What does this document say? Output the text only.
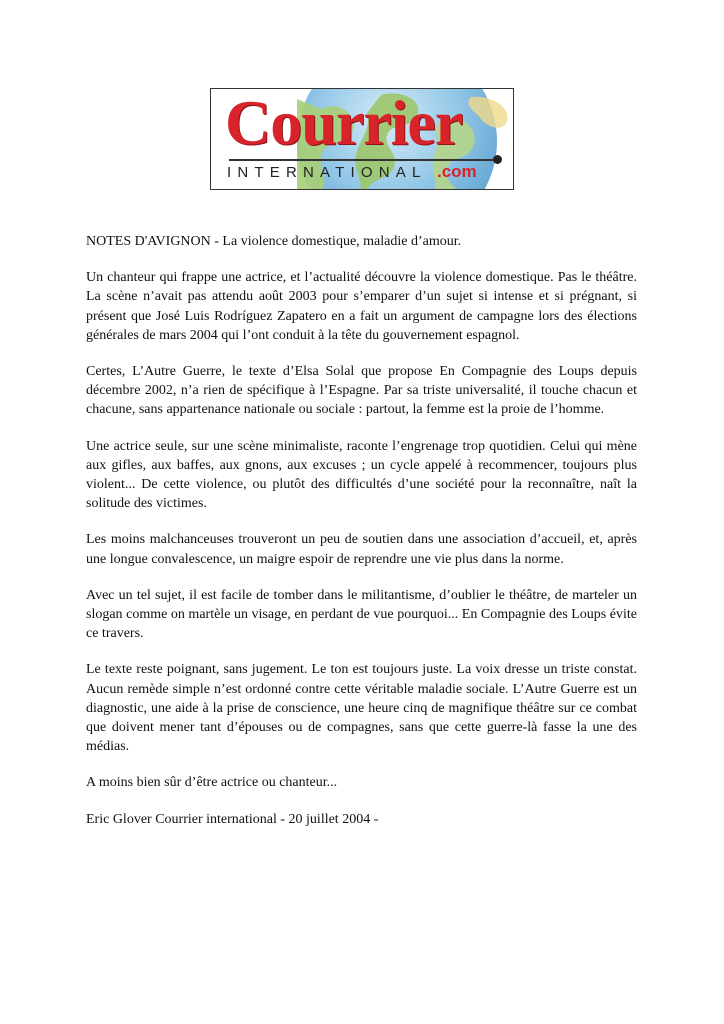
Courrier
INTERNATIONAL .com

NOTES D'AVIGNON - La violence domestique, maladie d’amour.

Un chanteur qui frappe une actrice, et l’actualité découvre la violence domestique. Pas le théâtre. La scène n’avait pas attendu août 2003 pour s’emparer d’un sujet si intense et si prégnant, si présent que José Luis Rodríguez Zapatero en a fait un argument de campagne lors des élections générales de mars 2004 qui l’ont conduit à la tête du gouvernement espagnol.

Certes, L’Autre Guerre, le texte d’Elsa Solal que propose En Compagnie des Loups depuis décembre 2002, n’a rien de spécifique à l’Espagne. Par sa triste universalité, il touche chacun et chacune, sans appartenance nationale ou sociale : partout, la femme est la proie de l’homme.

Une actrice seule, sur une scène minimaliste, raconte l’engrenage trop quotidien. Celui qui mène aux gifles, aux baffes, aux gnons, aux excuses ; un cycle appelé à recommencer, toujours plus violent... De cette violence, ou plutôt des difficultés d’une société pour la reconnaître, naît la solitude des victimes.

Les moins malchanceuses trouveront un peu de soutien dans une association d’accueil, et, après une longue convalescence, un maigre espoir de reprendre une vie plus dans la norme.

Avec un tel sujet, il est facile de tomber dans le militantisme, d’oublier le théâtre, de marteler un slogan comme on martèle un visage, en perdant de vue pourquoi... En Compagnie des Loups évite ce travers.

Le texte reste poignant, sans jugement. Le ton est toujours juste. La voix dresse un triste constat. Aucun remède simple n’est ordonné contre cette véritable maladie sociale. L’Autre Guerre est un diagnostic, une aide à la prise de conscience, une heure cinq de magnifique théâtre sur ce combat que doivent mener tant d’épouses ou de compagnes, sans que cette guerre-là fasse la une des médias.

A moins bien sûr d’être actrice ou chanteur...

Eric Glover Courrier international - 20 juillet 2004 -
